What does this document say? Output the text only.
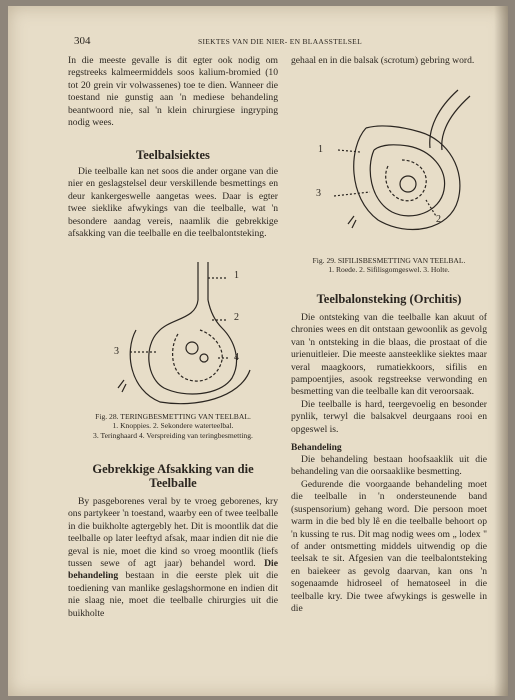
304	SIEKTES VAN DIE NIER- EN BLAASSTELSEL

In die meeste gevalle is dit egter ook nodig om regstreeks kalmeermiddels soos kalium-bromied (10 tot 20 grein vir volwassenes) toe te dien. Wanneer die toestand nie gunstig aan 'n mediese behandeling beantwoord nie, sal 'n klein chirurgiese ingryping nodig wees.

Teelbalsiektes

Die teelballe kan net soos die ander organe van die nier en geslagstelsel deur verskillende besmettings en deur kankergeswelle aangetas wees. Daar is egter twee sieklike afwykings van die teelballe, wat 'n besondere aandag vereis, naamlik die gebrekkige afsakking van die teelballe en die teelbalontsteking.

1
2
3
4
Fig. 28. TERINGBESMETTING VAN TEELBAL.
1. Knoppies. 2. Sekondere waterteelbal.
3. Teringhaard 4. Verspreiding van teringbesmetting.
Gebrekkige Afsakking van die Teelballe

By pasgeborenes veral by te vroeg geborenes, kry ons partykeer 'n toestand, waarby een of twee teelballe in die buikholte agtergebly het. Dit is moontlik dat die teelballe op later leeftyd afsak, maar indien dit nie die geval is nie, moet die kind so vroeg moontlik (liefs tussen sewe of agt jaar) behandel word. Die behandeling bestaan in die eerste plek uit die toediening van manlike geslagshormone en indien dit nie slaag nie, moet die teelballe chirurgies uit die buikholte

gehaal en in die balsak (scrotum) gebring word.

1
3
2
Fig. 29. SIFILISBESMETTING VAN TEELBAL.
1. Roede. 2. Sifilisgomgeswel. 3. Holte.
Teelbalonsteking (Orchitis)

Die ontsteking van die teelballe kan akuut of chronies wees en dit ontstaan gewoonlik as gevolg van 'n ontsteking in die blaas, die prostaat of die urienuitleier. Die meeste aansteeklike siektes maar veral maagkoors, rumatiekkoors, sifilis en pampoentjies, asook regstreekse verwonding en besmetting van die teelballe kan dit veroorsaak.

Die teelballe is hard, teergevoelig en besonder pynlik, terwyl die balsakvel deurgaans rooi en opgeswel is.

Behandeling

Die behandeling bestaan hoofsaaklik uit die behandeling van die oorsaaklike besmetting.

Gedurende die voorgaande behandeling moet die teelballe in 'n ondersteunende band (suspensorium) gehang word. Die persoon moet warm in die bed bly lê en die teelballe behoort op 'n kussing te rus. Dit mag nodig wees om „ lodex " of ander ontsmetting middels uitwendig op die teelsak te sit. Afgesien van die teelbalontsteking en baiekeer as gevolg daarvan, kan ons 'n sogenaamde hidroseel of hematoseel in die teelballe kry. Die twee afwykings is geswelle in die
